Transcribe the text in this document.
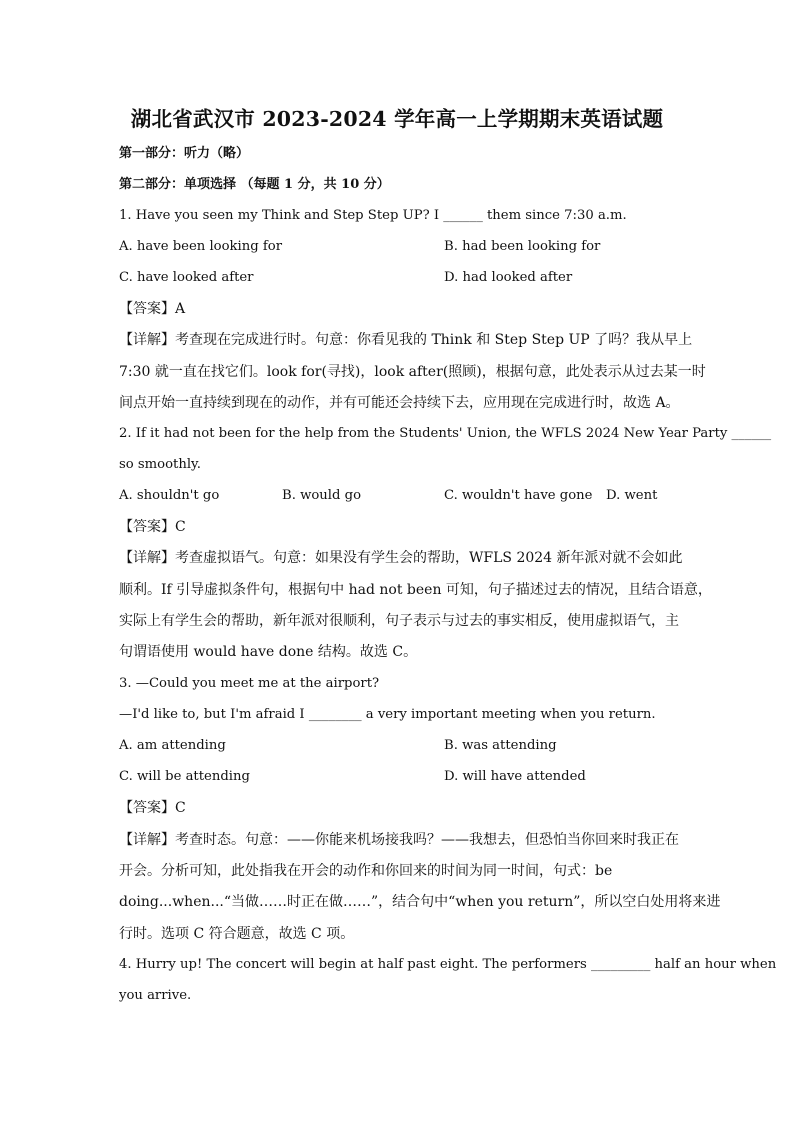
湖北省武汉市 2023-2024 学年高一上学期期末英语试题
第一部分：听力（略）
第二部分：单项选择 （每题 1 分，共 10 分）
1. Have you seen my Think and Step Step UP? I ______ them since 7:30 a.m.
A. have been looking for	B. had been looking for
C. have looked after	D. had looked after
【答案】A
【详解】考查现在完成进行时。句意：你看见我的 Think 和 Step Step UP 了吗？我从早上
7:30 就一直在找它们。look for(寻找)，look after(照顾)，根据句意，此处表示从过去某一时
间点开始一直持续到现在的动作，并有可能还会持续下去，应用现在完成进行时，故选 A。
2. If it had not been for the help from the Students' Union, the WFLS 2024 New Year Party ______
so smoothly.
A. shouldn't go	B. would go	C. wouldn't have gone D. went
【答案】C
【详解】考查虚拟语气。句意：如果没有学生会的帮助，WFLS 2024 新年派对就不会如此
顺利。If 引导虚拟条件句，根据句中 had not been 可知，句子描述过去的情况，且结合语意，
实际上有学生会的帮助，新年派对很顺利，句子表示与过去的事实相反，使用虚拟语气，主
句谓语使用 would have done 结构。故选 C。
3. —Could you meet me at the airport?
—I'd like to, but I'm afraid I ________ a very important meeting when you return.
A. am attending	B. was attending
C. will be attending	D. will have attended
【答案】C
【详解】考查时态。句意：——你能来机场接我吗？——我想去，但恐怕当你回来时我正在
开会。分析可知，此处指我在开会的动作和你回来的时间为同一时间，句式：be
doing...when...“当做……时正在做……”，结合句中“when you return”，所以空白处用将来进
行时。选项 C 符合题意，故选 C 项。
4. Hurry up! The concert will begin at half past eight. The performers _________ half an hour when
you arrive.
